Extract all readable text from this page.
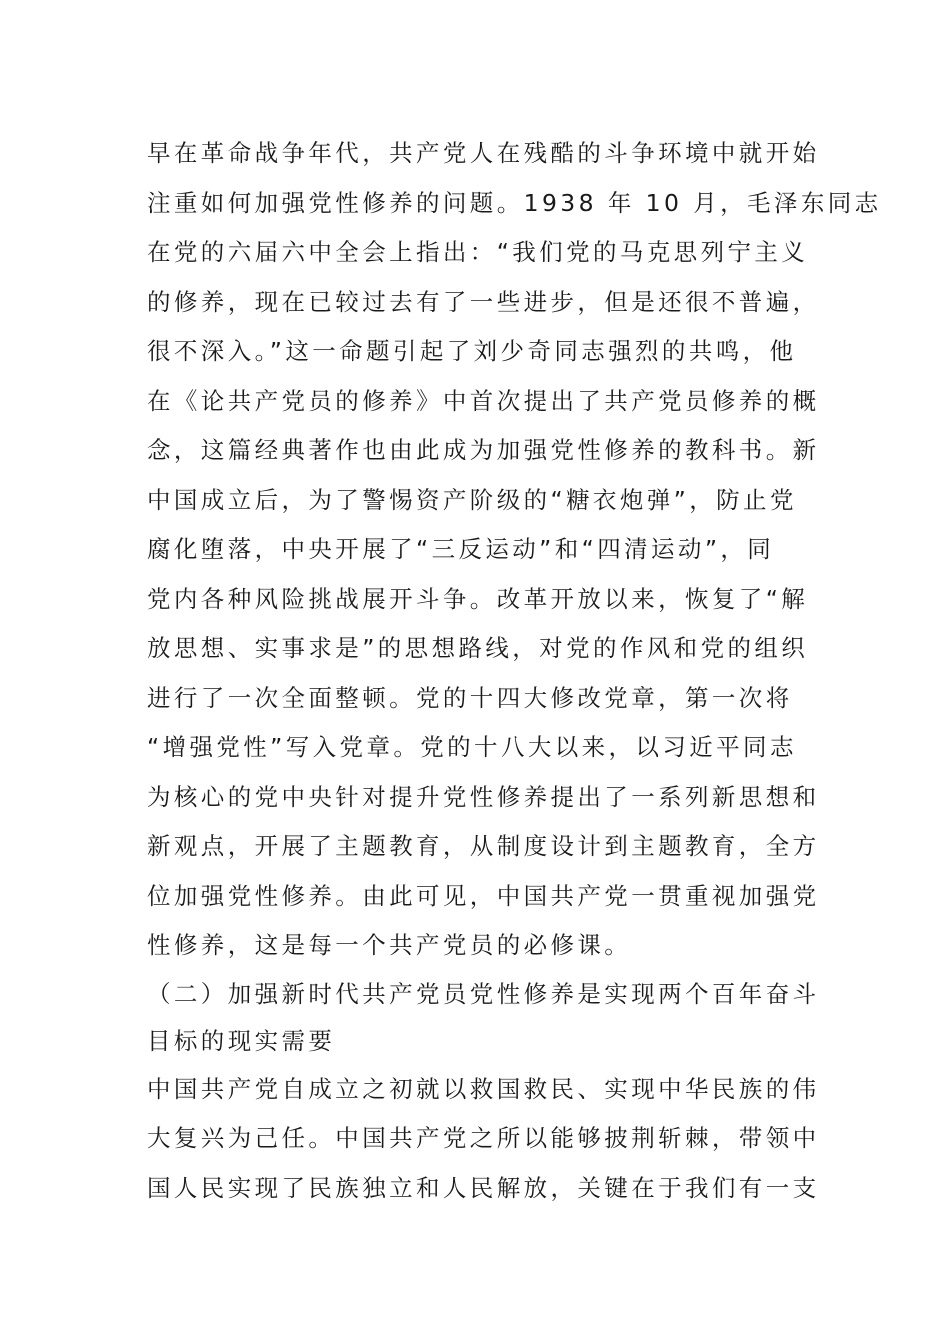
早在革命战争年代，共产党人在残酷的斗争环境中就开始
注重如何加强党性修养的问题。1938 年 10 月，毛泽东同志
在党的六届六中全会上指出：“我们党的马克思列宁主义
的修养，现在已较过去有了一些进步，但是还很不普遍，
很不深入。”这一命题引起了刘少奇同志强烈的共鸣，他
在《论共产党员的修养》中首次提出了共产党员修养的概
念，这篇经典著作也由此成为加强党性修养的教科书。新
中国成立后，为了警惕资产阶级的“糖衣炮弹”，防止党
腐化堕落，中央开展了“三反运动”和“四清运动”，同
党内各种风险挑战展开斗争。改革开放以来，恢复了“解
放思想、实事求是”的思想路线，对党的作风和党的组织
进行了一次全面整顿。党的十四大修改党章，第一次将
“增强党性”写入党章。党的十八大以来，以习近平同志
为核心的党中央针对提升党性修养提出了一系列新思想和
新观点，开展了主题教育，从制度设计到主题教育，全方
位加强党性修养。由此可见，中国共产党一贯重视加强党
性修养，这是每一个共产党员的必修课。
（二）加强新时代共产党员党性修养是实现两个百年奋斗
目标的现实需要
中国共产党自成立之初就以救国救民、实现中华民族的伟
大复兴为己任。中国共产党之所以能够披荆斩棘，带领中
国人民实现了民族独立和人民解放，关键在于我们有一支
